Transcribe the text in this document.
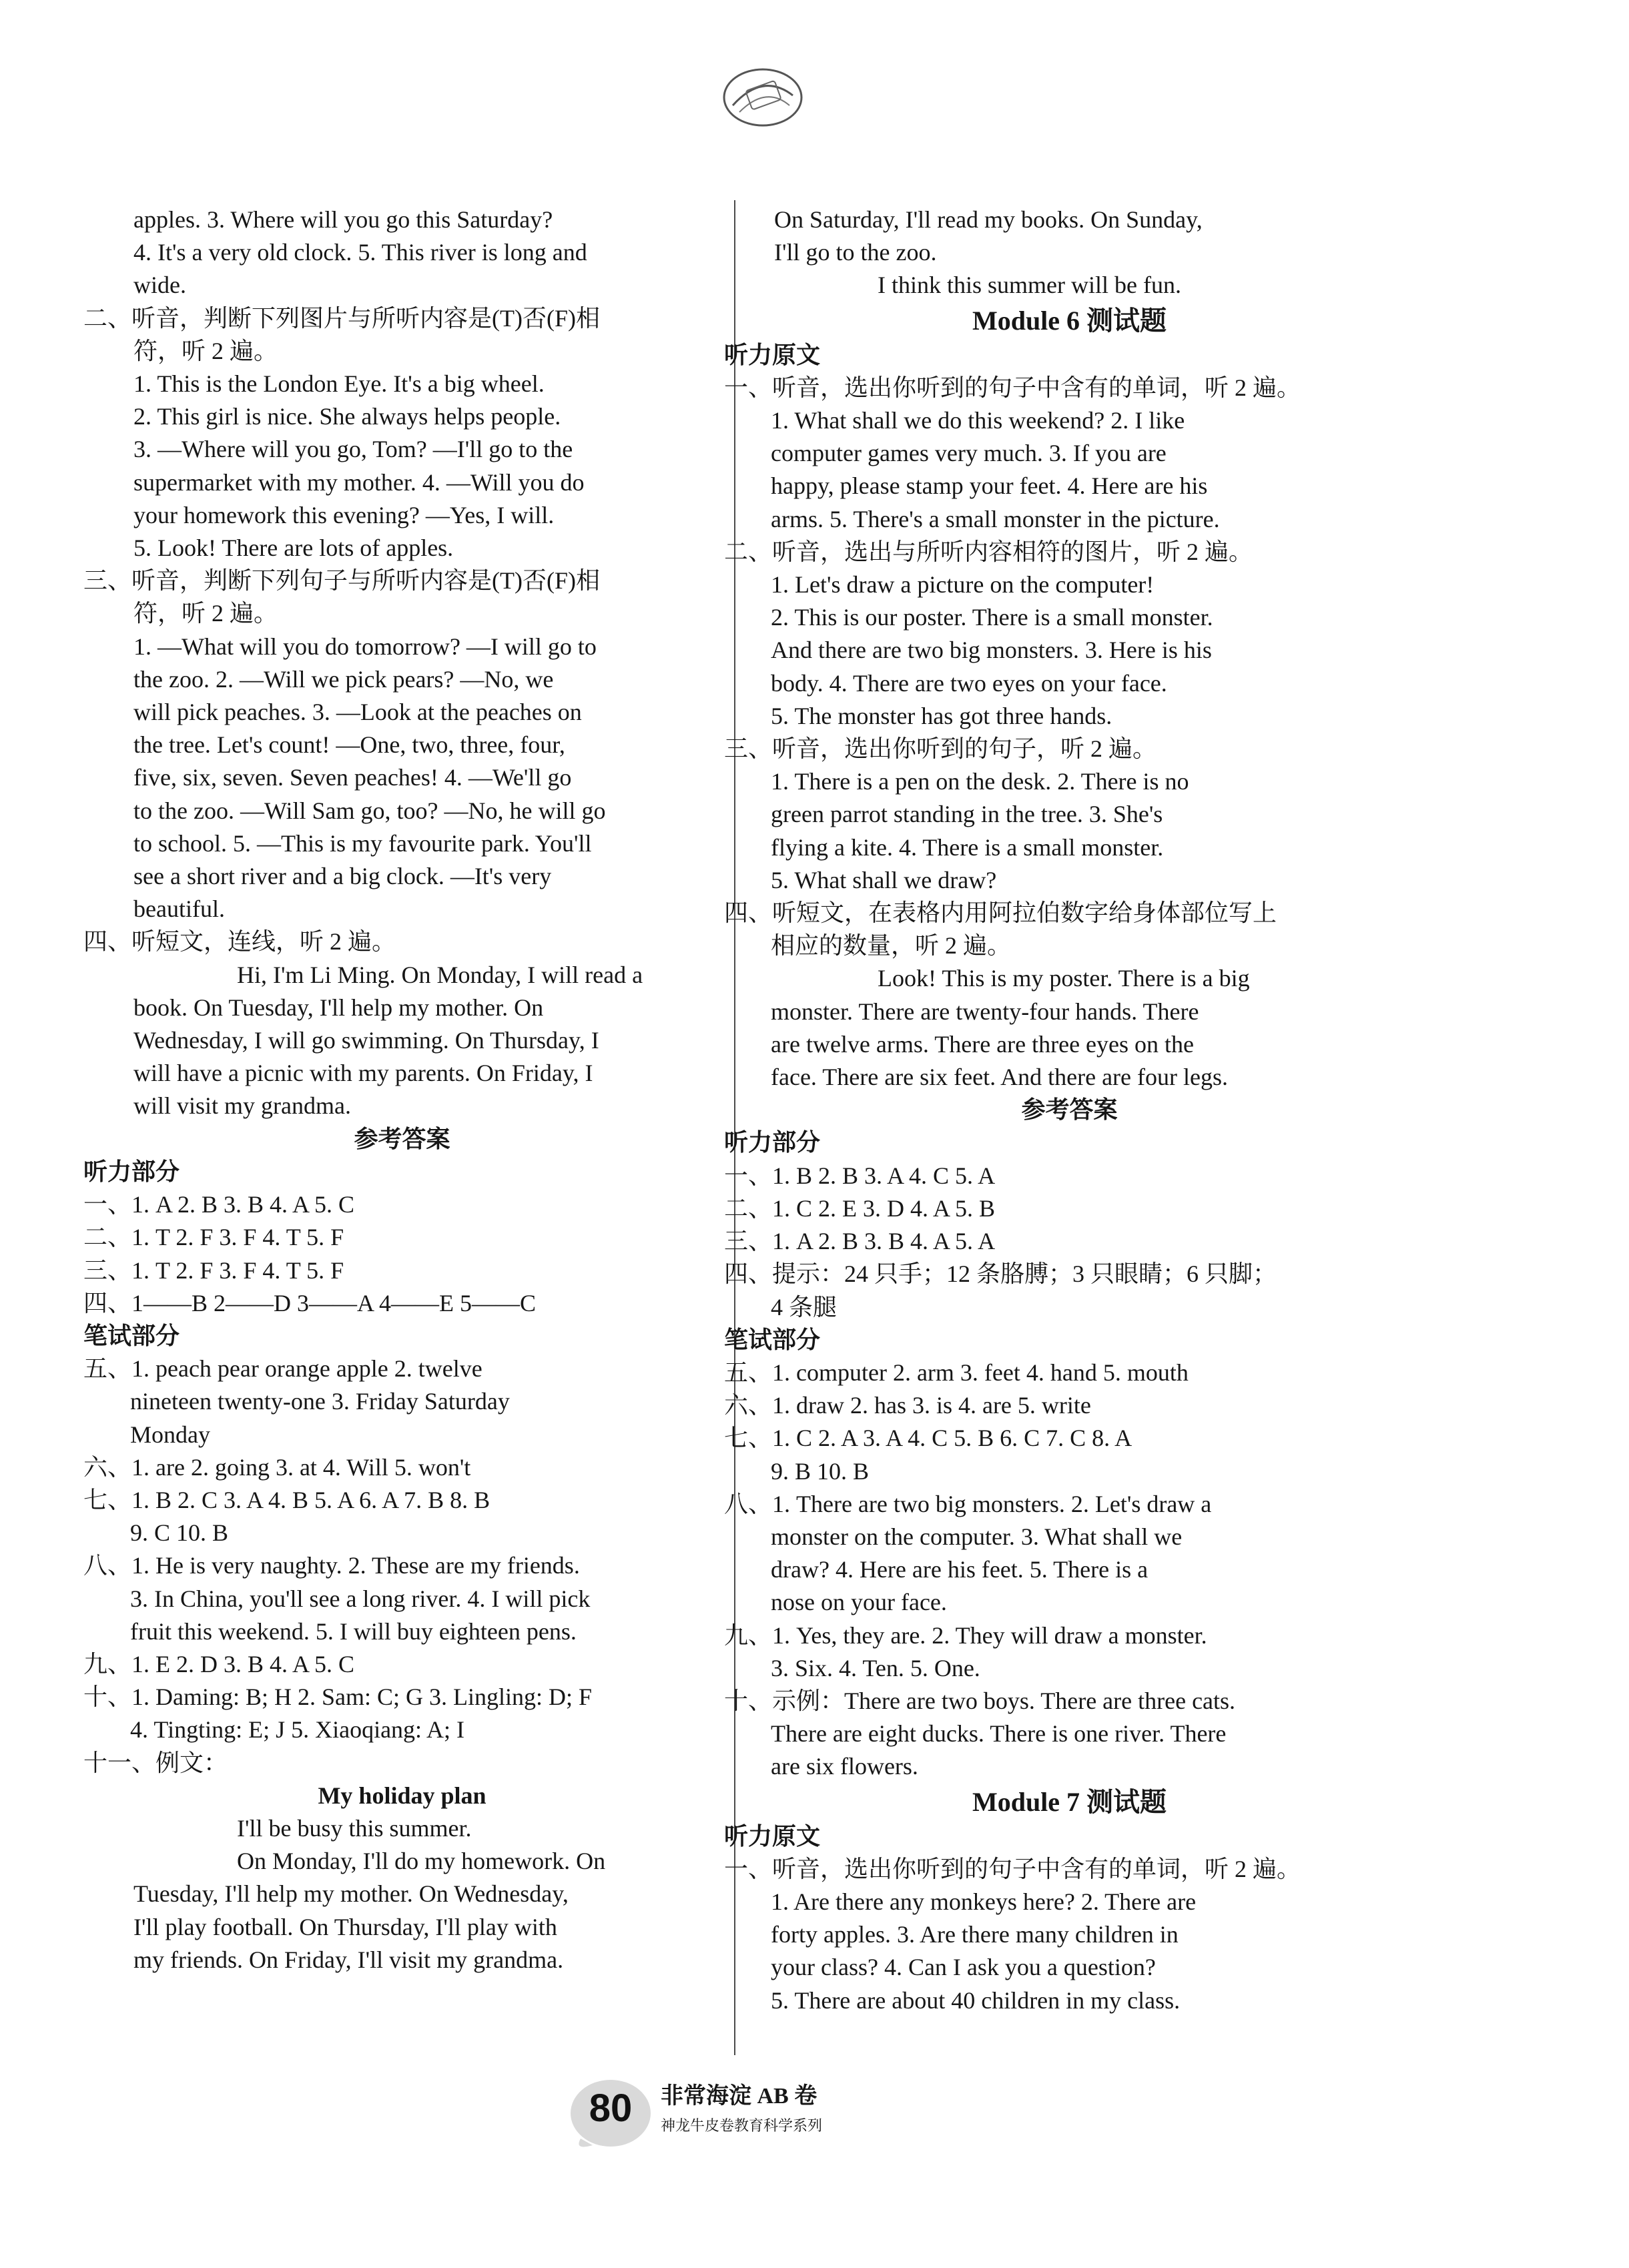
apples. 3. Where will you go this Saturday?
4. It's a very old clock. 5. This river is long and
wide.
二、听音，判断下列图片与所听内容是(T)否(F)相
符，听 2 遍。
1. This is the London Eye. It's a big wheel.
2. This girl is nice. She always helps people.
3. —Where will you go, Tom? —I'll go to the
supermarket with my mother. 4. —Will you do
your homework this evening? —Yes, I will.
5. Look! There are lots of apples.
三、听音，判断下列句子与所听内容是(T)否(F)相
符，听 2 遍。
1. —What will you do tomorrow? —I will go to
the zoo. 2. —Will we pick pears? —No, we
will pick peaches. 3. —Look at the peaches on
the tree. Let's count! —One, two, three, four,
five, six, seven. Seven peaches! 4. —We'll go
to the zoo. —Will Sam go, too? —No, he will go
to school. 5. —This is my favourite park. You'll
see a short river and a big clock. —It's very
beautiful.
四、听短文，连线，听 2 遍。
Hi, I'm Li Ming. On Monday, I will read a
book. On Tuesday, I'll help my mother. On
Wednesday, I will go swimming. On Thursday, I
will have a picnic with my parents. On Friday, I
will visit my grandma.
参考答案
听力部分
一、1. A 2. B 3. B 4. A 5. C
二、1. T 2. F 3. F 4. T 5. F
三、1. T 2. F 3. F 4. T 5. F
四、1——B 2——D 3——A 4——E 5——C
笔试部分
五、1. peach pear orange apple 2. twelve
nineteen twenty-one 3. Friday Saturday
Monday
六、1. are 2. going 3. at 4. Will 5. won't
七、1. B 2. C 3. A 4. B 5. A 6. A 7. B 8. B
9. C 10. B
八、1. He is very naughty. 2. These are my friends.
3. In China, you'll see a long river. 4. I will pick
fruit this weekend. 5. I will buy eighteen pens.
九、1. E 2. D 3. B 4. A 5. C
十、1. Daming: B; H 2. Sam: C; G 3. Lingling: D; F
4. Tingting: E; J 5. Xiaoqiang: A; I
十一、例文：
My holiday plan
I'll be busy this summer.
On Monday, I'll do my homework. On
Tuesday, I'll help my mother. On Wednesday,
I'll play football. On Thursday, I'll play with
my friends. On Friday, I'll visit my grandma.
On Saturday, I'll read my books. On Sunday,
I'll go to the zoo.
I think this summer will be fun.
Module 6 测试题
听力原文
一、听音，选出你听到的句子中含有的单词，听 2 遍。
1. What shall we do this weekend? 2. I like
computer games very much. 3. If you are
happy, please stamp your feet. 4. Here are his
arms. 5. There's a small monster in the picture.
二、听音，选出与所听内容相符的图片，听 2 遍。
1. Let's draw a picture on the computer!
2. This is our poster. There is a small monster.
And there are two big monsters. 3. Here is his
body. 4. There are two eyes on your face.
5. The monster has got three hands.
三、听音，选出你听到的句子，听 2 遍。
1. There is a pen on the desk. 2. There is no
green parrot standing in the tree. 3. She's
flying a kite. 4. There is a small monster.
5. What shall we draw?
四、听短文，在表格内用阿拉伯数字给身体部位写上
相应的数量，听 2 遍。
Look! This is my poster. There is a big
monster. There are twenty-four hands. There
are twelve arms. There are three eyes on the
face. There are six feet. And there are four legs.
参考答案
听力部分
一、1. B 2. B 3. A 4. C 5. A
二、1. C 2. E 3. D 4. A 5. B
三、1. A 2. B 3. B 4. A 5. A
四、提示：24 只手；12 条胳膊；3 只眼睛；6 只脚；
4 条腿
笔试部分
五、1. computer 2. arm 3. feet 4. hand 5. mouth
六、1. draw 2. has 3. is 4. are 5. write
七、1. C 2. A 3. A 4. C 5. B 6. C 7. C 8. A
9. B 10. B
八、1. There are two big monsters. 2. Let's draw a
monster on the computer. 3. What shall we
draw? 4. Here are his feet. 5. There is a
nose on your face.
九、1. Yes, they are. 2. They will draw a monster.
3. Six. 4. Ten. 5. One.
十、示例：There are two boys. There are three cats.
There are eight ducks. There is one river. There
are six flowers.
Module 7 测试题
听力原文
一、听音，选出你听到的句子中含有的单词，听 2 遍。
1. Are there any monkeys here? 2. There are
forty apples. 3. Are there many children in
your class? 4. Can I ask you a question?
5. There are about 40 children in my class.
80	非常海淀 AB 卷
神龙牛皮卷教育科学系列
